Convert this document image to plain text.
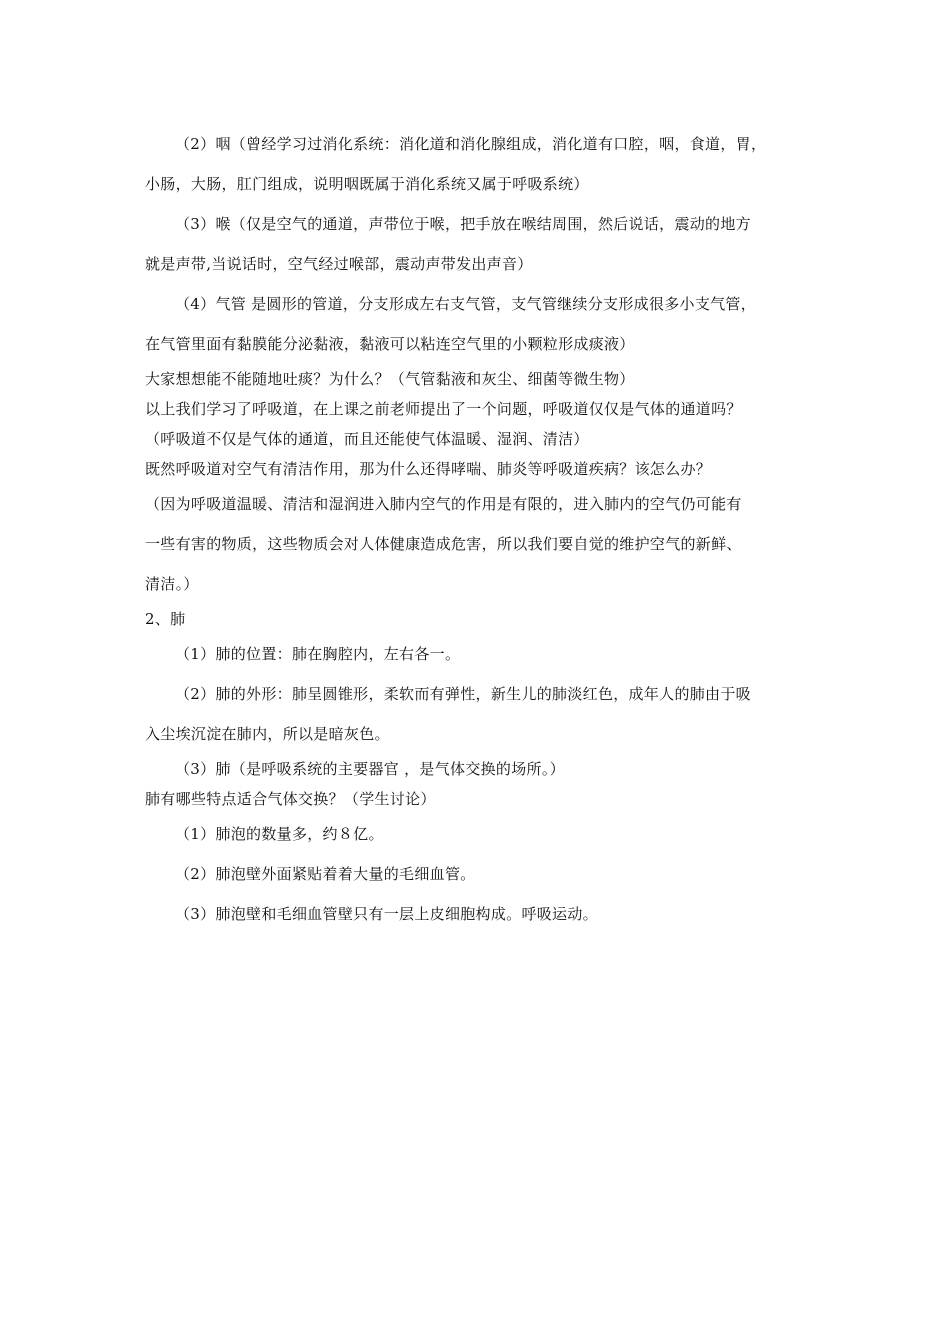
（2）咽（曾经学习过消化系统：消化道和消化腺组成，消化道有口腔，咽，食道，胃，

小肠，大肠，肛门组成，说明咽既属于消化系统又属于呼吸系统）

（3）喉（仅是空气的通道，声带位于喉，把手放在喉结周围，然后说话，震动的地方

就是声带,当说话时，空气经过喉部，震动声带发出声音）

（4）气管 是圆形的管道，分支形成左右支气管，支气管继续分支形成很多小支气管，

在气管里面有黏膜能分泌黏液，黏液可以粘连空气里的小颗粒形成痰液）

大家想想能不能随地吐痰？为什么？（气管黏液和灰尘、细菌等微生物）

以上我们学习了呼吸道，在上课之前老师提出了一个问题，呼吸道仅仅是气体的通道吗？

（呼吸道不仅是气体的通道，而且还能使气体温暖、湿润、清洁）

既然呼吸道对空气有清洁作用，那为什么还得哮喘、肺炎等呼吸道疾病？该怎么办？

（因为呼吸道温暖、清洁和湿润进入肺内空气的作用是有限的，进入肺内的空气仍可能有

一些有害的物质，这些物质会对人体健康造成危害，所以我们要自觉的维护空气的新鲜、

清洁。）

2、肺

（1）肺的位置：肺在胸腔内，左右各一。

（2）肺的外形：肺呈圆锥形，柔软而有弹性，新生儿的肺淡红色，成年人的肺由于吸

入尘埃沉淀在肺内，所以是暗灰色。

（3）肺（是呼吸系统的主要器官 ，是气体交换的场所。）

肺有哪些特点适合气体交换？（学生讨论）

（1）肺泡的数量多，约８亿。

（2）肺泡壁外面紧贴着着大量的毛细血管。

（3）肺泡壁和毛细血管壁只有一层上皮细胞构成。呼吸运动。
